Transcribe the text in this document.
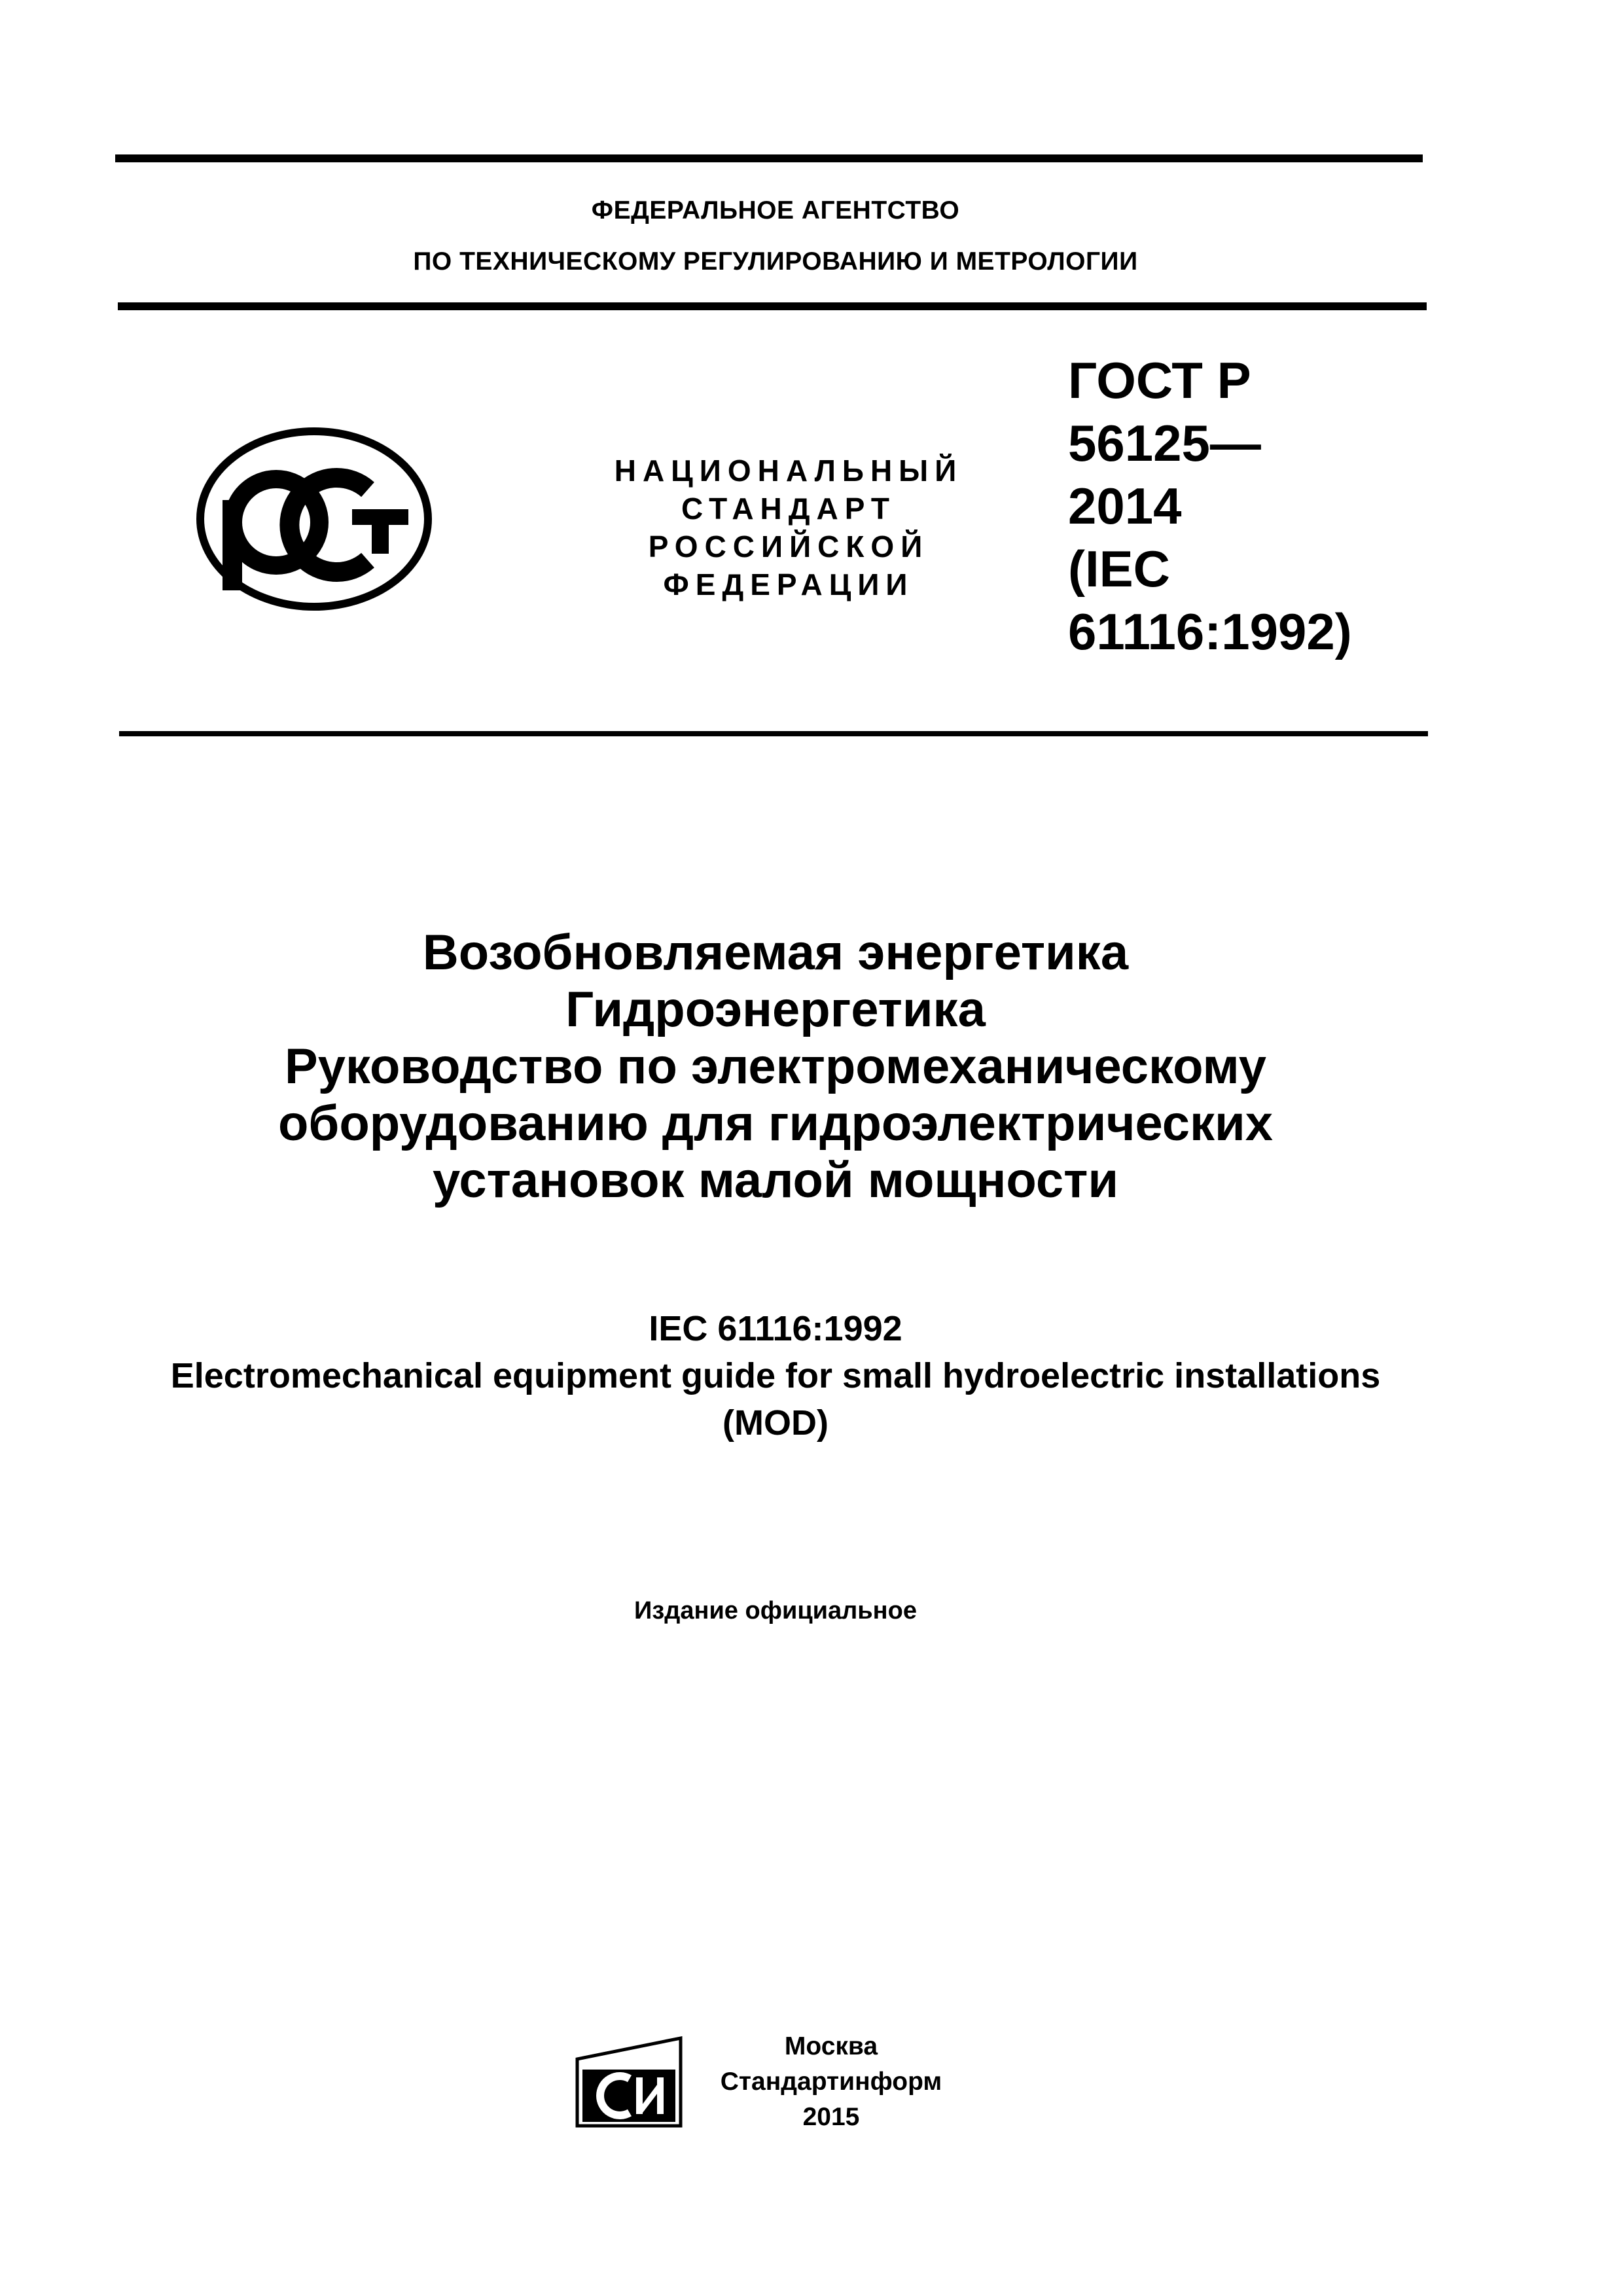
ФЕДЕРАЛЬНОЕ АГЕНТСТВО
ПО ТЕХНИЧЕСКОМУ РЕГУЛИРОВАНИЮ И МЕТРОЛОГИИ
РСТ
НАЦИОНАЛЬНЫЙ
СТАНДАРТ
РОССИЙСКОЙ
ФЕДЕРАЦИИ
ГОСТ Р
56125—
2014
(IEC
61116:1992)
Возобновляемая энергетика
Гидроэнергетика
Руководство по электромеханическому
оборудованию для гидроэлектрических
установок малой мощности
IEC 61116:1992
Electromechanical equipment guide for small hydroelectric installations
(MOD)
Издание официальное
СИ	Москва
Стандартинформ
2015
